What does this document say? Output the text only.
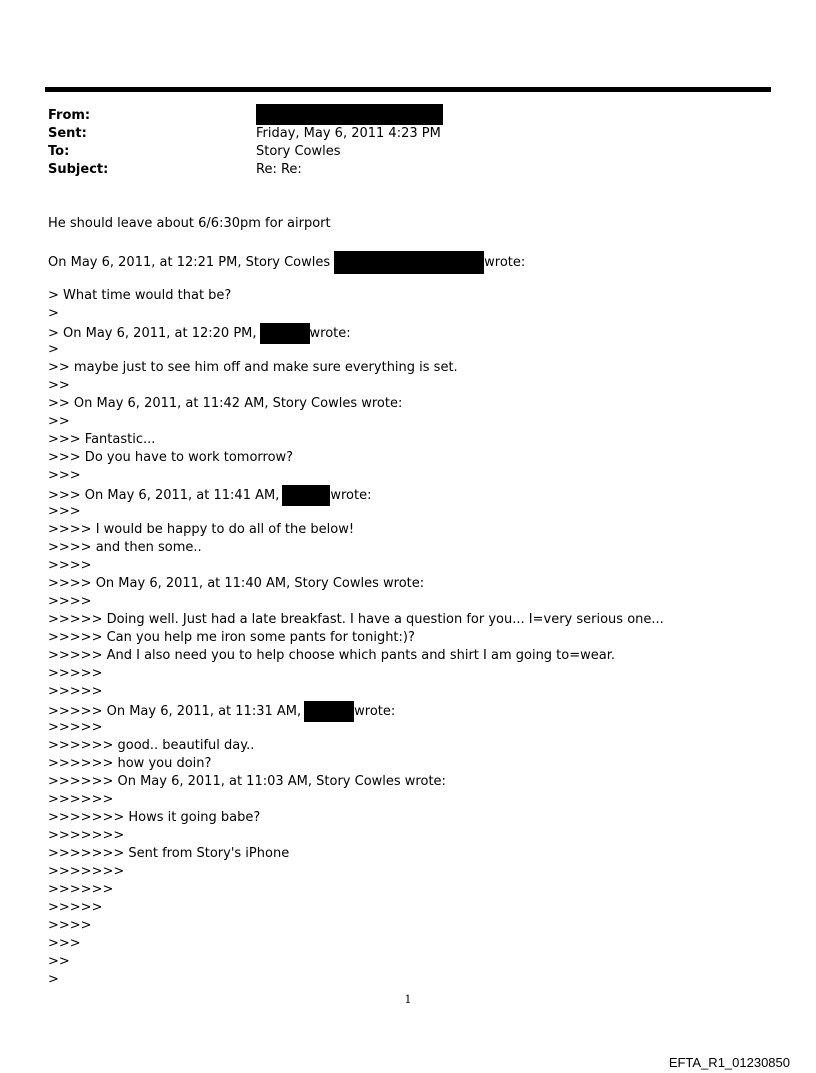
From:
Sent:	Friday, May 6, 2011 4:23 PM
To:	Story Cowles
Subject:	Re: Re:
He should leave about 6/6:30pm for airport
On May 6, 2011, at 12:21 PM, Story Cowles	wrote:
> What time would that be?
>
> On May 6, 2011, at 12:20 PM,	wrote:
>
>> maybe just to see him off and make sure everything is set.
>>
>> On May 6, 2011, at 11:42 AM, Story Cowles wrote:
>>
>>> Fantastic...
>>> Do you have to work tomorrow?
>>>
>>> On May 6, 2011, at 11:41 AM,	wrote:
>>>
>>>> I would be happy to do all of the below!
>>>> and then some..
>>>>
>>>> On May 6, 2011, at 11:40 AM, Story Cowles wrote:
>>>>
>>>>> Doing well. Just had a late breakfast. I have a question for you... I=very serious one...
>>>>> Can you help me iron some pants for tonight:)?
>>>>> And I also need you to help choose which pants and shirt I am going to=wear.
>>>>>
>>>>>
>>>>> On May 6, 2011, at 11:31 AM,	wrote:
>>>>>
>>>>>> good.. beautiful day..
>>>>>> how you doin?
>>>>>> On May 6, 2011, at 11:03 AM, Story Cowles wrote:
>>>>>>
>>>>>>> Hows it going babe?
>>>>>>>
>>>>>>> Sent from Story's iPhone
>>>>>>>
>>>>>>
>>>>>
>>>>
>>>
>>
>
1
EFTA_R1_01230850
